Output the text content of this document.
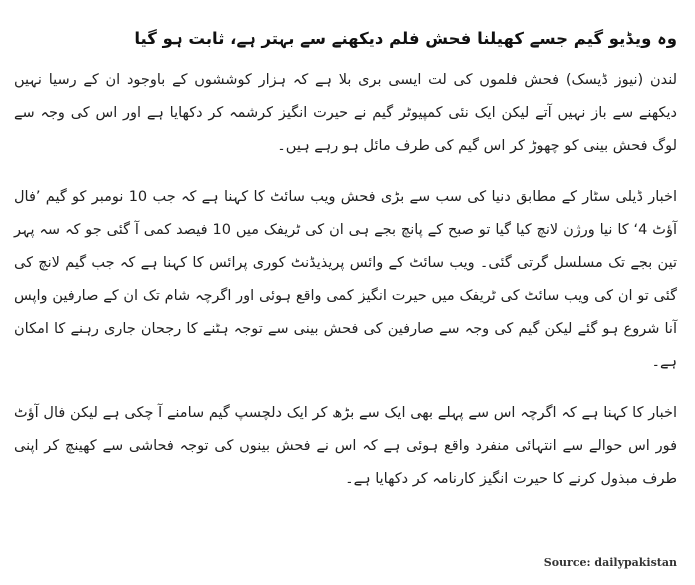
وہ ویڈیو گیم جسے کھیلنا فحش فلم دیکھنے سے بہتر ہے، ثابت ہو گیا

لندن (نیوز ڈیسک) فحش فلموں کی لت ایسی بری بلا ہے کہ ہزار کوششوں کے باوجود ان کے رسیا نہیں دیکھنے سے باز نہیں آتے لیکن ایک نئی کمپیوٹر گیم نے حیرت انگیز کرشمہ کر دکھایا ہے اور اس کی وجہ سے لوگ فحش بینی کو چھوڑ کر اس گیم کی طرف مائل ہو رہے ہیں۔

اخبار ڈیلی سٹار کے مطابق دنیا کی سب سے بڑی فحش ویب سائٹ کا کہنا ہے کہ جب 10 نومبر کو گیم ’فال آؤٹ 4‘ کا نیا ورژن لانچ کیا گیا تو صبح کے پانچ بجے ہی ان کی ٹریفک میں 10 فیصد کمی آ گئی جو کہ سہ پہر تین بجے تک مسلسل گرتی گئی۔ ویب سائٹ کے وائس پریذیڈنٹ کوری پرائس کا کہنا ہے کہ جب گیم لانچ کی گئی تو ان کی ویب سائٹ کی ٹریفک میں حیرت انگیز کمی واقع ہوئی اور اگرچہ شام تک ان کے صارفین واپس آنا شروع ہو گئے لیکن گیم کی وجہ سے صارفین کی فحش بینی سے توجہ ہٹنے کا رجحان جاری رہنے کا امکان ہے۔

اخبار کا کہنا ہے کہ اگرچہ اس سے پہلے بھی ایک سے بڑھ کر ایک دلچسپ گیم سامنے آ چکی ہے لیکن فال آؤٹ فور اس حوالے سے انتہائی منفرد واقع ہوئی ہے کہ اس نے فحش بینوں کی توجہ فحاشی سے کھینچ کر اپنی طرف مبذول کرنے کا حیرت انگیز کارنامہ کر دکھایا ہے۔

Source: dailypakistan
